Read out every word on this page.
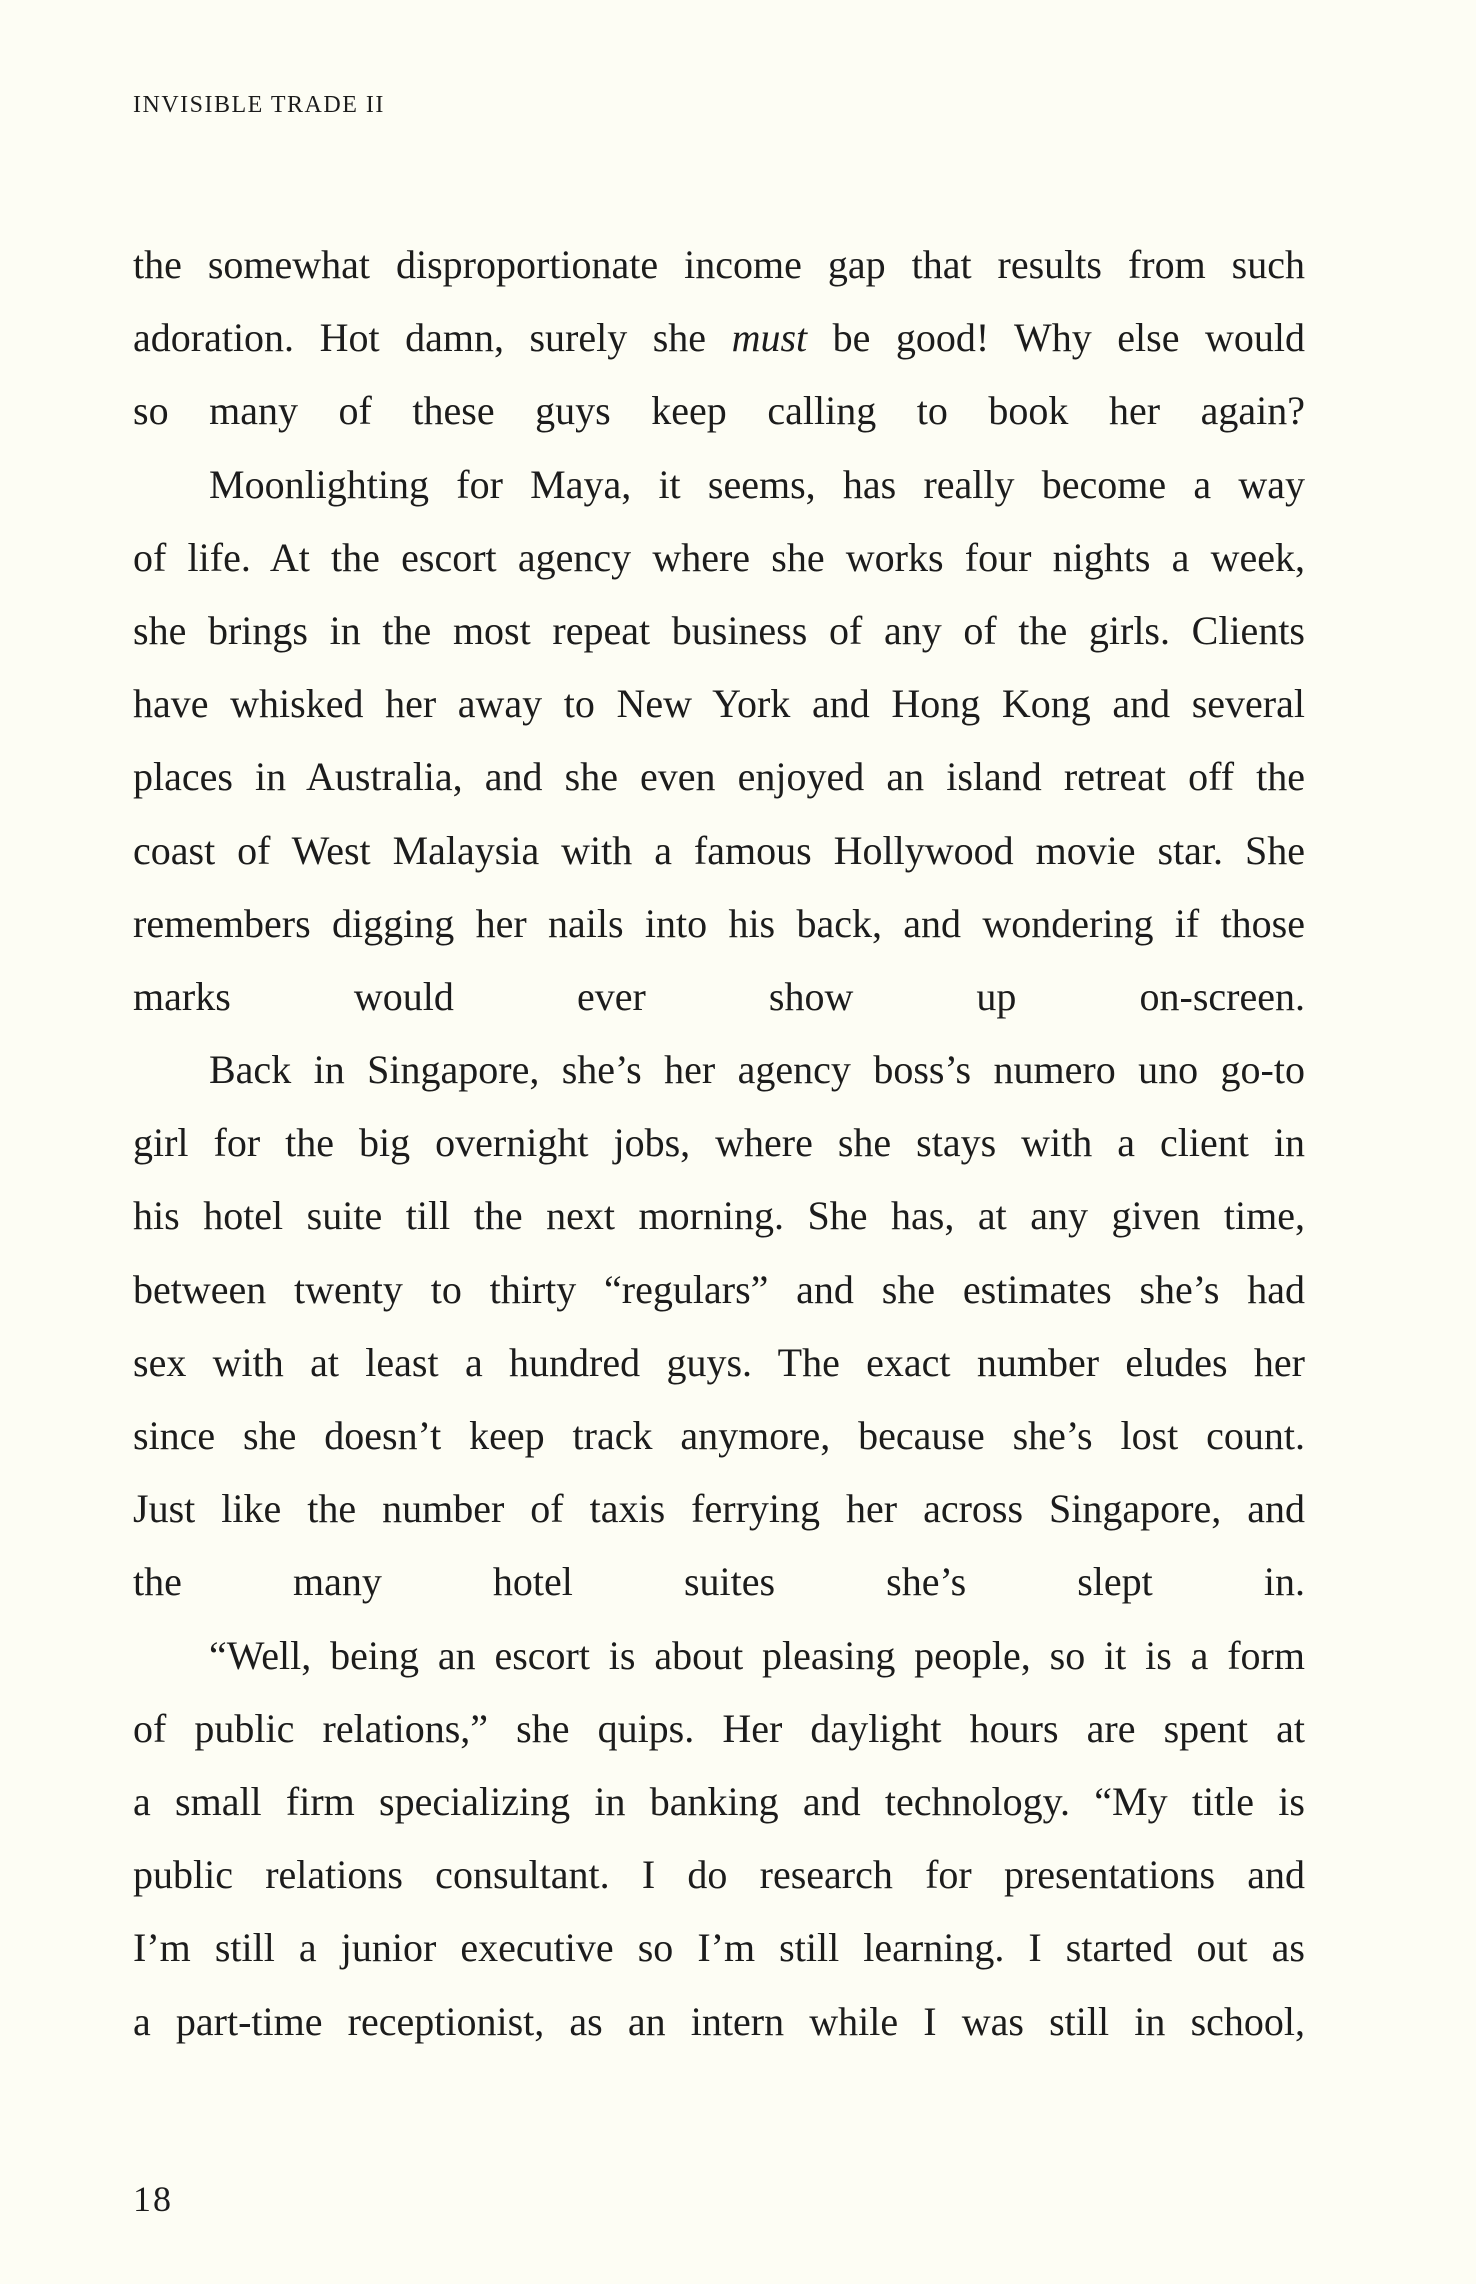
INVISIBLE TRADE II
the somewhat disproportionate income gap that results from such
adoration. Hot damn, surely she must be good! Why else would
so many of these guys keep calling to book her again?
Moonlighting for Maya, it seems, has really become a way
of life. At the escort agency where she works four nights a week,
she brings in the most repeat business of any of the girls. Clients
have whisked her away to New York and Hong Kong and several
places in Australia, and she even enjoyed an island retreat off the
coast of West Malaysia with a famous Hollywood movie star. She
remembers digging her nails into his back, and wondering if those
marks would ever show up on-screen.
Back in Singapore, she’s her agency boss’s numero uno go-to
girl for the big overnight jobs, where she stays with a client in
his hotel suite till the next morning. She has, at any given time,
between twenty to thirty “regulars” and she estimates she’s had
sex with at least a hundred guys. The exact number eludes her
since she doesn’t keep track anymore, because she’s lost count.
Just like the number of taxis ferrying her across Singapore, and
the many hotel suites she’s slept in.
“Well, being an escort is about pleasing people, so it is a form
of public relations,” she quips. Her daylight hours are spent at
a small firm specializing in banking and technology. “My title is
public relations consultant. I do research for presentations and
I’m still a junior executive so I’m still learning. I started out as
a part-time receptionist, as an intern while I was still in school,
18
